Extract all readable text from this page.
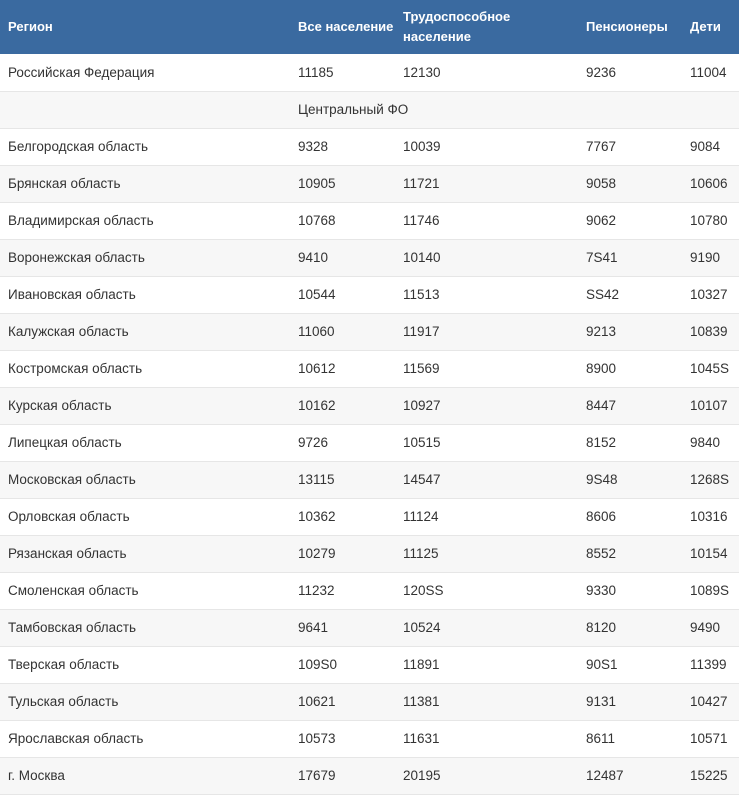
Регион	Все население	Трудоспособное население	Пенсионеры	Дети
Российская Федерация	11185	12130	9236	11004
	Центральный ФО			
Белгородская область	9328	10039	7767	9084
Брянская область	10905	11721	9058	10606
Владимирская область	10768	11746	9062	10780
Воронежская область	9410	10140	7S41	9190
Ивановская область	10544	11513	SS42	10327
Калужская область	11060	11917	9213	10839
Костромская область	10612	11569	8900	1045S
Курская область	10162	10927	8447	10107
Липецкая область	9726	10515	8152	9840
Московская область	13115	14547	9S48	1268S
Орловская область	10362	11124	8606	10316
Рязанская область	10279	11125	8552	10154
Смоленская область	11232	120SS	9330	1089S
Тамбовская область	9641	10524	8120	9490
Тверская область	109S0	11891	90S1	11399
Тульская область	10621	11381	9131	10427
Ярославская область	10573	11631	8611	10571
г. Москва	17679	20195	12487	15225
